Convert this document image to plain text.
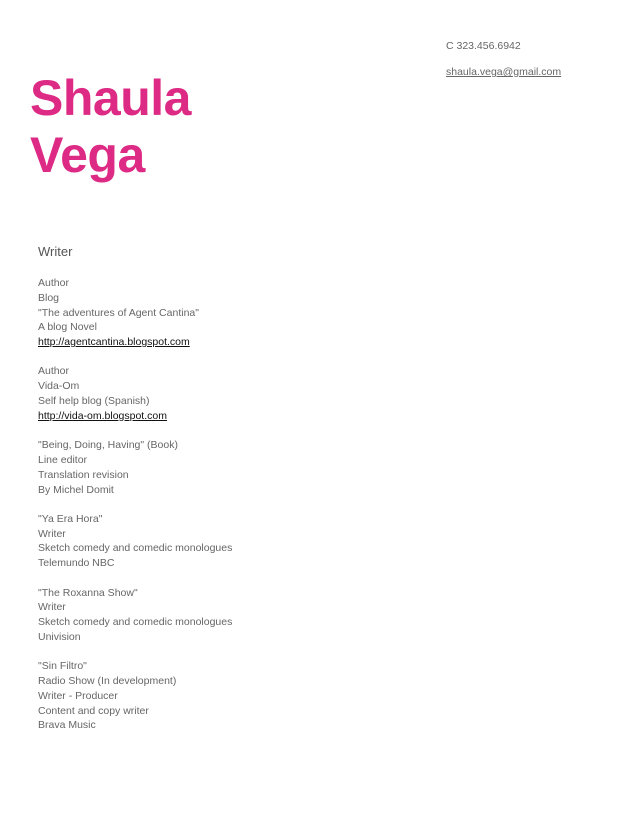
C 323.456.6942
shaula.vega@gmail.com
Shaula
Vega
Writer
Author
Blog
"The adventures of Agent Cantina"
A blog Novel
http://agentcantina.blogspot.com
Author
Vida-Om
Self help blog (Spanish)
http://vida-om.blogspot.com
"Being, Doing, Having" (Book)
Line editor
Translation revision
By Michel Domit
"Ya Era Hora"
Writer
Sketch comedy and comedic monologues
Telemundo NBC
"The Roxanna Show"
Writer
Sketch comedy and comedic monologues
Univision
"Sin Filtro"
Radio Show (In development)
Writer - Producer
Content and copy writer
Brava Music
